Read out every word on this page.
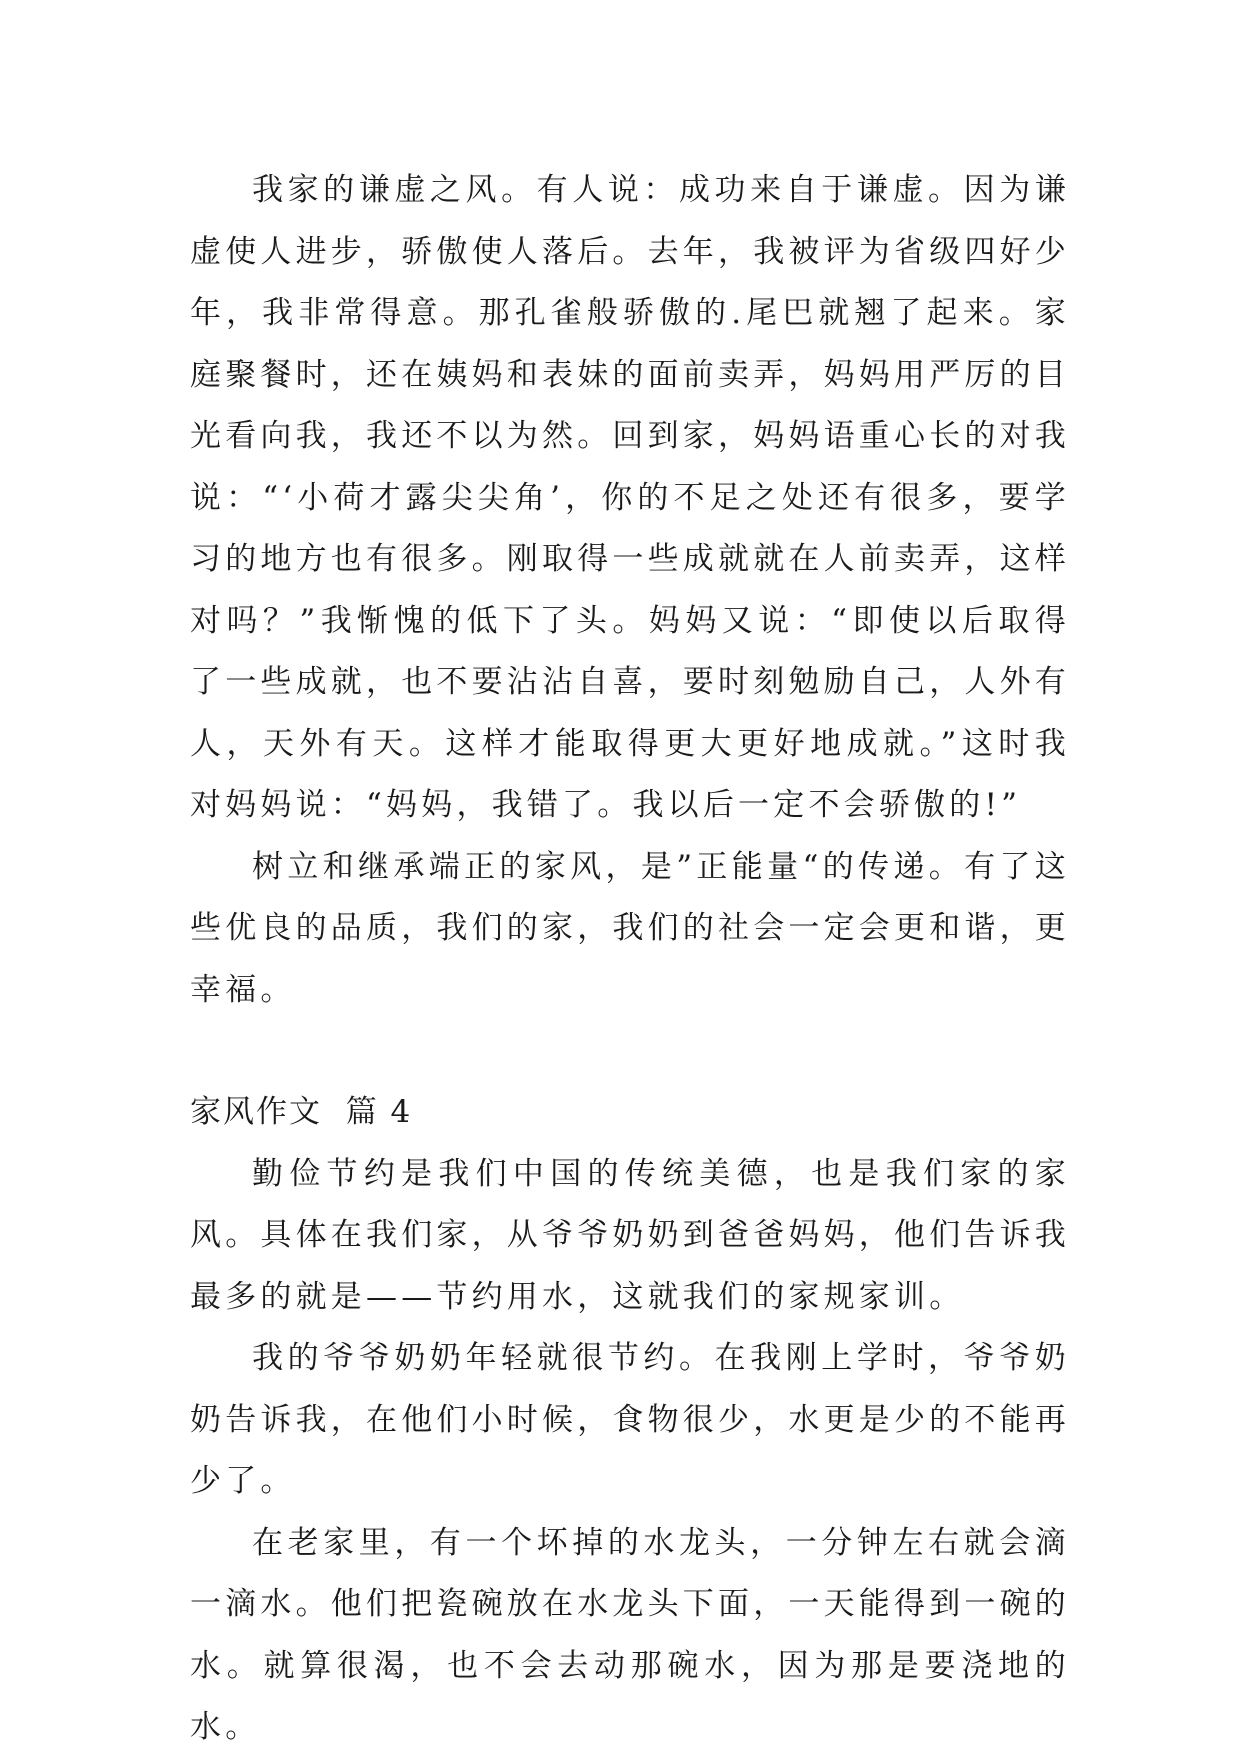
我家的谦虚之风。有人说：成功来自于谦虚。因为谦虚使人进步，骄傲使人落后。去年，我被评为省级四好少年，我非常得意。那孔雀般骄傲的.尾巴就翘了起来。家庭聚餐时，还在姨妈和表妹的面前卖弄，妈妈用严厉的目光看向我，我还不以为然。回到家，妈妈语重心长的对我说：“‘小荷才露尖尖角’，你的不足之处还有很多，要学习的地方也有很多。刚取得一些成就就在人前卖弄，这样对吗？”我惭愧的低下了头。妈妈又说：“即使以后取得了一些成就，也不要沾沾自喜，要时刻勉励自己，人外有人，天外有天。这样才能取得更大更好地成就。”这时我对妈妈说：“妈妈，我错了。我以后一定不会骄傲的!”

树立和继承端正的家风，是”正能量“的传递。有了这些优良的品质，我们的家，我们的社会一定会更和谐，更幸福。

家风作文  篇 4

勤俭节约是我们中国的传统美德，也是我们家的家风。具体在我们家，从爷爷奶奶到爸爸妈妈，他们告诉我最多的就是——节约用水，这就我们的家规家训。

我的爷爷奶奶年轻就很节约。在我刚上学时，爷爷奶奶告诉我，在他们小时候，食物很少，水更是少的不能再少了。

在老家里，有一个坏掉的水龙头，一分钟左右就会滴一滴水。他们把瓷碗放在水龙头下面，一天能得到一碗的水。就算很渴，也不会去动那碗水，因为那是要浇地的水。
